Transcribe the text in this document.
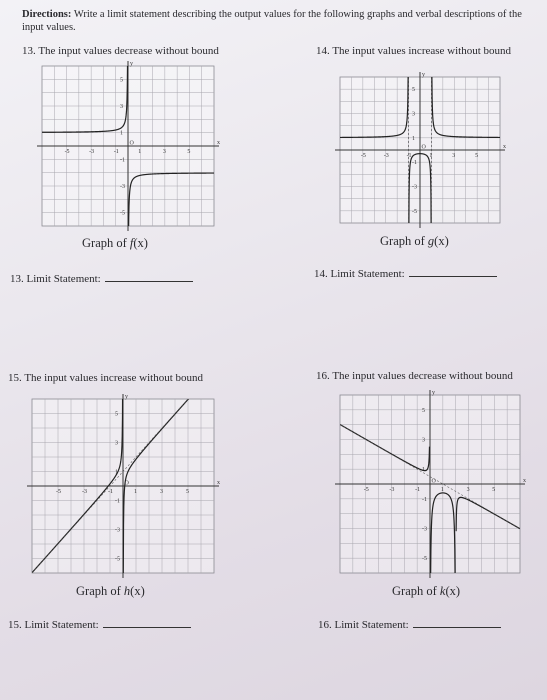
Directions: Write a limit statement describing the output values for the following graphs and verbal descriptions of the input values.
13. The input values decrease without bound
x
y
O
-5	-3	-1	1	3	5
5
3
1
-1
-3
-5
Graph of f(x)
13. Limit Statement:
14. The input values increase without bound
x
y
O
-5	-3	-1	1	3	5
5
3
1
-1
-3
-5
Graph of g(x)
14. Limit Statement:
15. The input values increase without bound
x
y
O
-5	-3	-1	1	3	5
5
3
1
-1
-3
-5
Graph of h(x)
15. Limit Statement:
16. The input values decrease without bound
x
y
O
-5	-3	-1	1	3	5
5
3
1
-1
-3
-5
Graph of k(x)
16. Limit Statement:
